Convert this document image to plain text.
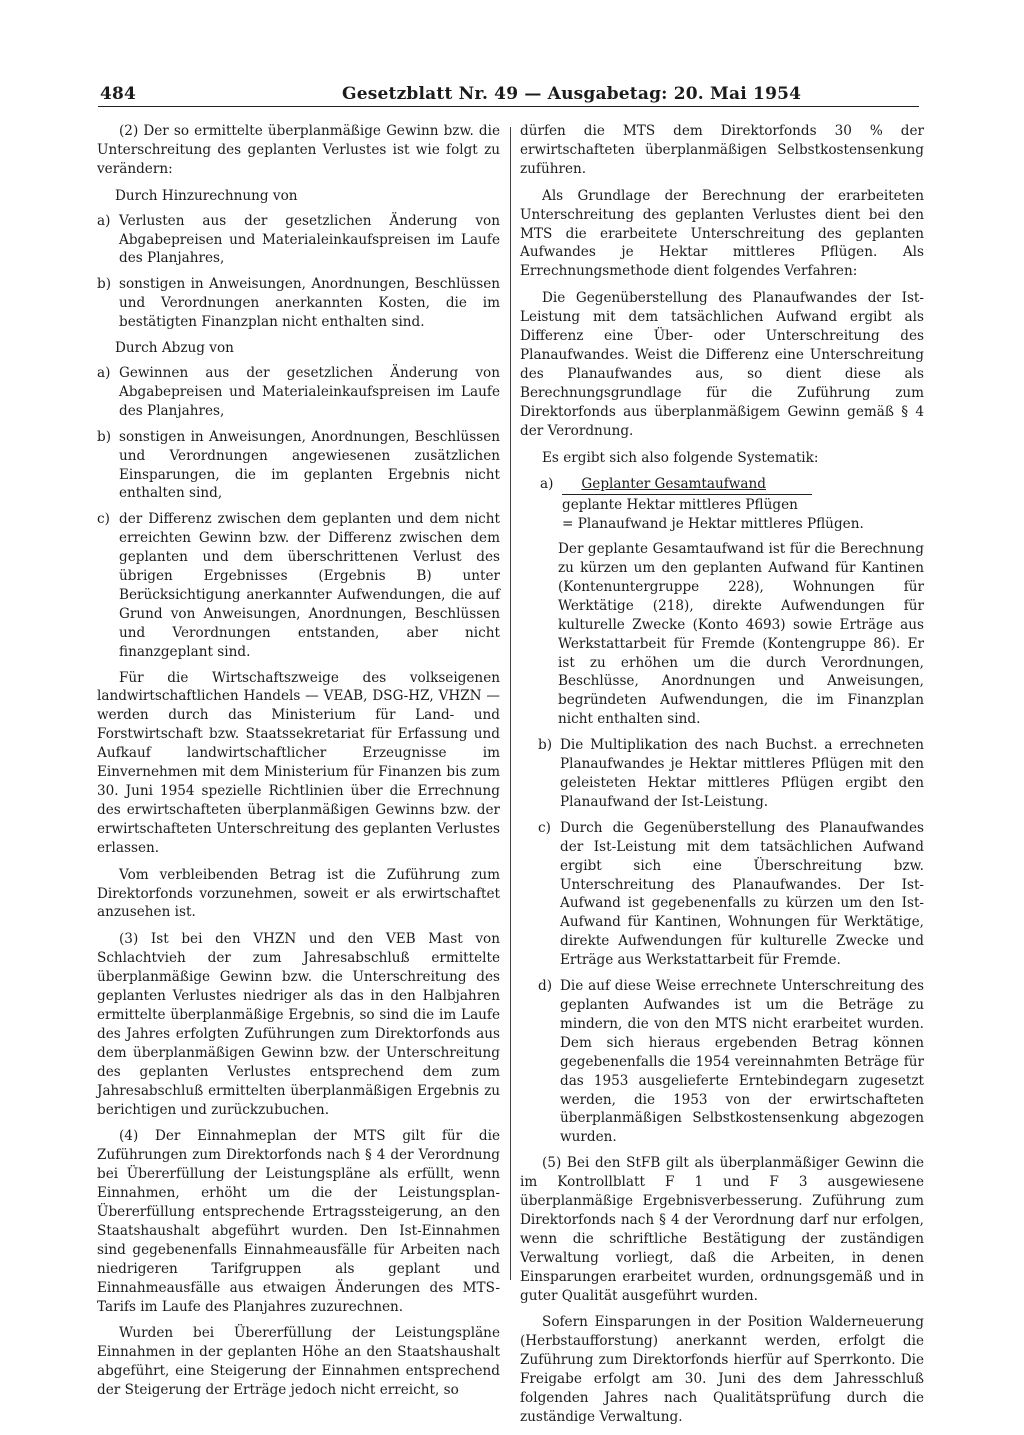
484	Gesetzblatt Nr. 49 — Ausgabetag: 20. Mai 1954

(2) Der so ermittelte überplanmäßige Gewinn bzw. die Unterschreitung des geplanten Verlustes ist wie folgt zu verändern:

Durch Hinzurechnung von

a) Verlusten aus der gesetzlichen Änderung von Abgabepreisen und Materialeinkaufspreisen im Laufe des Planjahres,
b) sonstigen in Anweisungen, Anordnungen, Beschlüssen und Verordnungen anerkannten Kosten, die im bestätigten Finanzplan nicht enthalten sind.

Durch Abzug von

a) Gewinnen aus der gesetzlichen Änderung von Abgabepreisen und Materialeinkaufspreisen im Laufe des Planjahres,
b) sonstigen in Anweisungen, Anordnungen, Beschlüssen und Verordnungen angewiesenen zusätzlichen Einsparungen, die im geplanten Ergebnis nicht enthalten sind,
c) der Differenz zwischen dem geplanten und dem nicht erreichten Gewinn bzw. der Differenz zwischen dem geplanten und dem überschrittenen Verlust des übrigen Ergebnisses (Ergebnis B) unter Berücksichtigung anerkannter Aufwendungen, die auf Grund von Anweisungen, Anordnungen, Beschlüssen und Verordnungen entstanden, aber nicht finanzgeplant sind.

Für die Wirtschaftszweige des volkseigenen landwirtschaftlichen Handels — VEAB, DSG-HZ, VHZN — werden durch das Ministerium für Land- und Forstwirtschaft bzw. Staatssekretariat für Erfassung und Aufkauf landwirtschaftlicher Erzeugnisse im Einvernehmen mit dem Ministerium für Finanzen bis zum 30. Juni 1954 spezielle Richtlinien über die Errechnung des erwirtschafteten überplanmäßigen Gewinns bzw. der erwirtschafteten Unterschreitung des geplanten Verlustes erlassen.

Vom verbleibenden Betrag ist die Zuführung zum Direktorfonds vorzunehmen, soweit er als erwirtschaftet anzusehen ist.

(3) Ist bei den VHZN und den VEB Mast von Schlachtvieh der zum Jahresabschluß ermittelte überplanmäßige Gewinn bzw. die Unterschreitung des geplanten Verlustes niedriger als das in den Halbjahren ermittelte überplanmäßige Ergebnis, so sind die im Laufe des Jahres erfolgten Zuführungen zum Direktorfonds aus dem überplanmäßigen Gewinn bzw. der Unterschreitung des geplanten Verlustes entsprechend dem zum Jahresabschluß ermittelten überplanmäßigen Ergebnis zu berichtigen und zurückzubuchen.

(4) Der Einnahmeplan der MTS gilt für die Zuführungen zum Direktorfonds nach § 4 der Verordnung bei Übererfüllung der Leistungspläne als erfüllt, wenn Einnahmen, erhöht um die der Leistungsplan-Übererfüllung entsprechende Ertragssteigerung, an den Staatshaushalt abgeführt wurden. Den Ist-Einnahmen sind gegebenenfalls Einnahmeausfälle für Arbeiten nach niedrigeren Tarifgruppen als geplant und Einnahmeausfälle aus etwaigen Änderungen des MTS-Tarifs im Laufe des Planjahres zuzurechnen.

Wurden bei Übererfüllung der Leistungspläne Einnahmen in der geplanten Höhe an den Staatshaushalt abgeführt, eine Steigerung der Einnahmen entsprechend der Steigerung der Erträge jedoch nicht erreicht, so

dürfen die MTS dem Direktorfonds 30 % der erwirtschafteten überplanmäßigen Selbstkostensenkung zuführen.

Als Grundlage der Berechnung der erarbeiteten Unterschreitung des geplanten Verlustes dient bei den MTS die erarbeitete Unterschreitung des geplanten Aufwandes je Hektar mittleres Pflügen. Als Errechnungsmethode dient folgendes Verfahren:

Die Gegenüberstellung des Planaufwandes der Ist-Leistung mit dem tatsächlichen Aufwand ergibt als Differenz eine Über- oder Unterschreitung des Planaufwandes. Weist die Differenz eine Unterschreitung des Planaufwandes aus, so dient diese als Berechnungsgrundlage für die Zuführung zum Direktorfonds aus überplanmäßigem Gewinn gemäß § 4 der Verordnung.

Es ergibt sich also folgende Systematik:

a) Geplanter Gesamtaufwand
geplante Hektar mittleres Pflügen
= Planaufwand je Hektar mittleres Pflügen.
Der geplante Gesamtaufwand ist für die Berechnung zu kürzen um den geplanten Aufwand für Kantinen (Kontenuntergruppe 228), Wohnungen für Werktätige (218), direkte Aufwendungen für kulturelle Zwecke (Konto 4693) sowie Erträge aus Werkstattarbeit für Fremde (Kontengruppe 86). Er ist zu erhöhen um die durch Verordnungen, Beschlüsse, Anordnungen und Anweisungen, begründeten Aufwendungen, die im Finanzplan nicht enthalten sind.
b) Die Multiplikation des nach Buchst. a errechneten Planaufwandes je Hektar mittleres Pflügen mit den geleisteten Hektar mittleres Pflügen ergibt den Planaufwand der Ist-Leistung.
c) Durch die Gegenüberstellung des Planaufwandes der Ist-Leistung mit dem tatsächlichen Aufwand ergibt sich eine Überschreitung bzw. Unterschreitung des Planaufwandes. Der Ist-Aufwand ist gegebenenfalls zu kürzen um den Ist-Aufwand für Kantinen, Wohnungen für Werktätige, direkte Aufwendungen für kulturelle Zwecke und Erträge aus Werkstattarbeit für Fremde.
d) Die auf diese Weise errechnete Unterschreitung des geplanten Aufwandes ist um die Beträge zu mindern, die von den MTS nicht erarbeitet wurden. Dem sich hieraus ergebenden Betrag können gegebenenfalls die 1954 vereinnahmten Beträge für das 1953 ausgelieferte Erntebindegarn zugesetzt werden, die 1953 von der erwirtschafteten überplanmäßigen Selbstkostensenkung abgezogen wurden.

(5) Bei den StFB gilt als überplanmäßiger Gewinn die im Kontrollblatt F 1 und F 3 ausgewiesene überplanmäßige Ergebnisverbesserung. Zuführung zum Direktorfonds nach § 4 der Verordnung darf nur erfolgen, wenn die schriftliche Bestätigung der zuständigen Verwaltung vorliegt, daß die Arbeiten, in denen Einsparungen erarbeitet wurden, ordnungsgemäß und in guter Qualität ausgeführt wurden.

Sofern Einsparungen in der Position Walderneuerung (Herbstaufforstung) anerkannt werden, erfolgt die Zuführung zum Direktorfonds hierfür auf Sperrkonto. Die Freigabe erfolgt am 30. Juni des dem Jahresschluß folgenden Jahres nach Qualitätsprüfung durch die zuständige Verwaltung.
